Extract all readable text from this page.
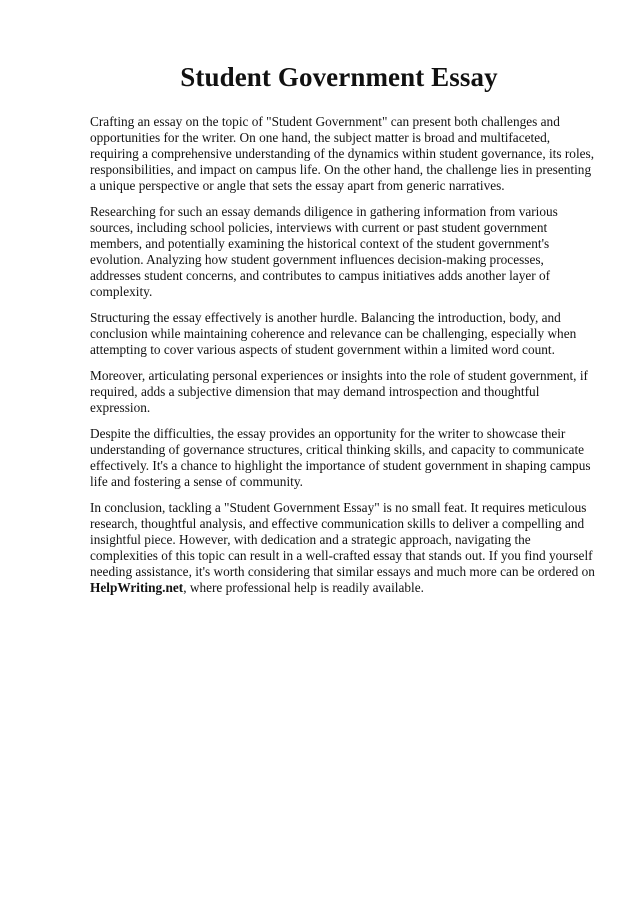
Student Government Essay

Crafting an essay on the topic of "Student Government" can present both challenges and opportunities for the writer. On one hand, the subject matter is broad and multifaceted, requiring a comprehensive understanding of the dynamics within student governance, its roles, responsibilities, and impact on campus life. On the other hand, the challenge lies in presenting a unique perspective or angle that sets the essay apart from generic narratives.

Researching for such an essay demands diligence in gathering information from various sources, including school policies, interviews with current or past student government members, and potentially examining the historical context of the student government's evolution. Analyzing how student government influences decision-making processes, addresses student concerns, and contributes to campus initiatives adds another layer of complexity.

Structuring the essay effectively is another hurdle. Balancing the introduction, body, and conclusion while maintaining coherence and relevance can be challenging, especially when attempting to cover various aspects of student government within a limited word count.

Moreover, articulating personal experiences or insights into the role of student government, if required, adds a subjective dimension that may demand introspection and thoughtful expression.

Despite the difficulties, the essay provides an opportunity for the writer to showcase their understanding of governance structures, critical thinking skills, and capacity to communicate effectively. It's a chance to highlight the importance of student government in shaping campus life and fostering a sense of community.

In conclusion, tackling a "Student Government Essay" is no small feat. It requires meticulous research, thoughtful analysis, and effective communication skills to deliver a compelling and insightful piece. However, with dedication and a strategic approach, navigating the complexities of this topic can result in a well-crafted essay that stands out. If you find yourself needing assistance, it's worth considering that similar essays and much more can be ordered on HelpWriting.net, where professional help is readily available.
